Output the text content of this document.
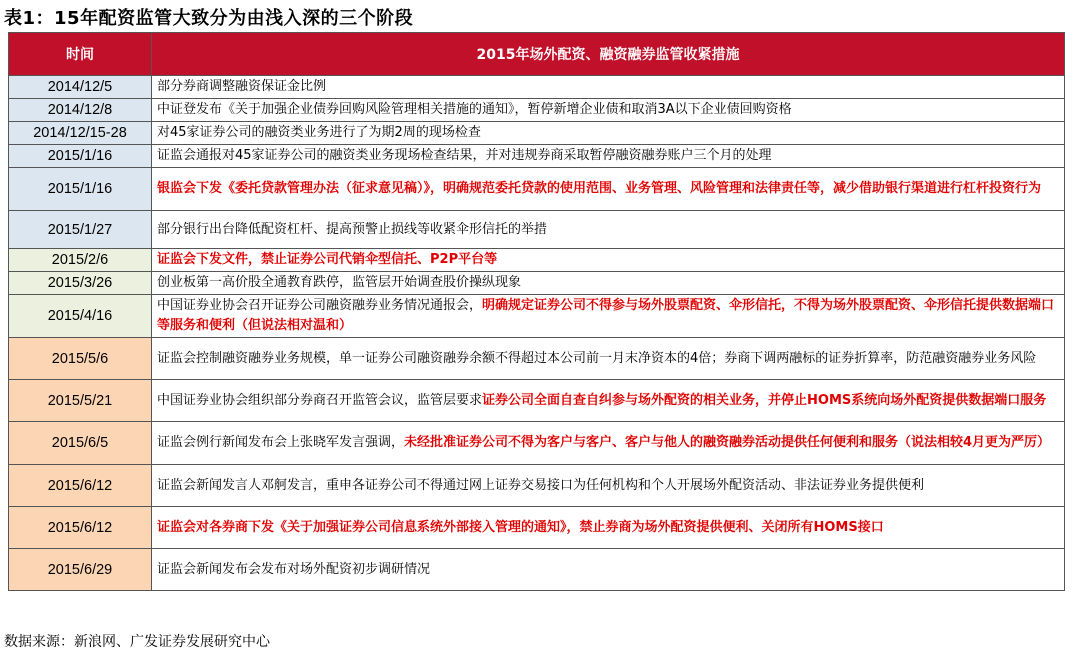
表1：15年配资监管大致分为由浅入深的三个阶段
时间	2015年场外配资、融资融券监管收紧措施
2014/12/5	部分券商调整融资保证金比例
2014/12/8	中证登发布《关于加强企业债券回购风险管理相关措施的通知》，暂停新增企业债和取消3A以下企业债回购资格
2014/12/15-28	对45家证券公司的融资类业务进行了为期2周的现场检查
2015/1/16	证监会通报对45家证券公司的融资类业务现场检查结果，并对违规券商采取暂停融资融券账户三个月的处理
2015/1/16	银监会下发《委托贷款管理办法（征求意见稿）》，明确规范委托贷款的使用范围、业务管理、风险管理和法律责任等，减少借助银行渠道进行杠杆投资行为
2015/1/27	部分银行出台降低配资杠杆、提高预警止损线等收紧伞形信托的举措
2015/2/6	证监会下发文件，禁止证券公司代销伞型信托、P2P平台等
2015/3/26	创业板第一高价股全通教育跌停，监管层开始调查股价操纵现象
2015/4/16	中国证券业协会召开证券公司融资融券业务情况通报会，明确规定证券公司不得参与场外股票配资、伞形信托，不得为场外股票配资、伞形信托提供数据端口等服务和便利（但说法相对温和）
2015/5/6	证监会控制融资融券业务规模，单一证券公司融资融券余额不得超过本公司前一月末净资本的4倍；券商下调两融标的证券折算率，防范融资融券业务风险
2015/5/21	中国证券业协会组织部分券商召开监管会议，监管层要求证券公司全面自查自纠参与场外配资的相关业务，并停止HOMS系统向场外配资提供数据端口服务
2015/6/5	证监会例行新闻发布会上张晓军发言强调，未经批准证券公司不得为客户与客户、客户与他人的融资融券活动提供任何便利和服务（说法相较4月更为严厉）
2015/6/12	证监会新闻发言人邓舸发言，重申各证券公司不得通过网上证券交易接口为任何机构和个人开展场外配资活动、非法证券业务提供便利
2015/6/12	证监会对各券商下发《关于加强证券公司信息系统外部接入管理的通知》，禁止券商为场外配资提供便利、关闭所有HOMS接口
2015/6/29	证监会新闻发布会发布对场外配资初步调研情况
数据来源：新浪网、广发证券发展研究中心
